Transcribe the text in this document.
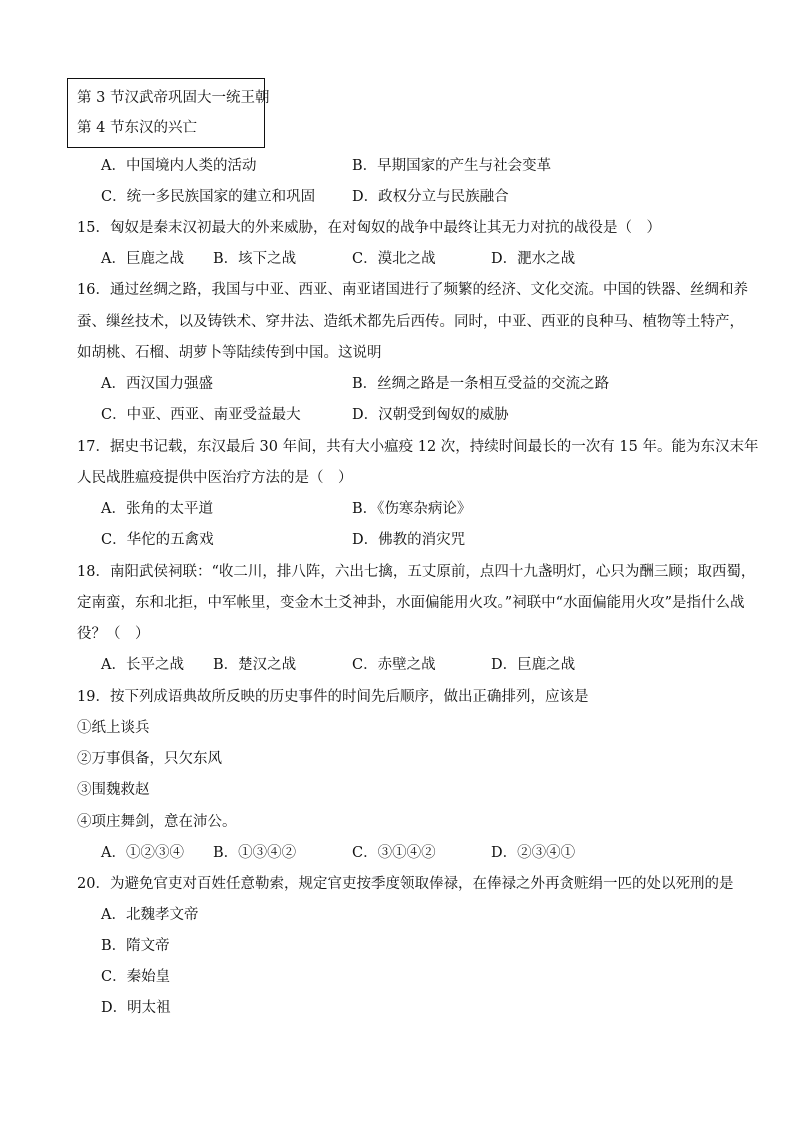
第 3 节汉武帝巩固大一统王朝
第 4 节东汉的兴亡
A．中国境内人类的活动	B．早期国家的产生与社会变革
C．统一多民族国家的建立和巩固	D．政权分立与民族融合
15．匈奴是秦末汉初最大的外来威胁，在对匈奴的战争中最终让其无力对抗的战役是（　）
A．巨鹿之战 B．垓下之战	C．漠北之战	D．淝水之战
16．通过丝绸之路，我国与中亚、西亚、南亚诸国进行了频繁的经济、文化交流。中国的铁器、丝绸和养
蚕、缫丝技术，以及铸铁术、穿井法、造纸术都先后西传。同时，中亚、西亚的良种马、植物等土特产，
如胡桃、石榴、胡萝卜等陆续传到中国。这说明
A．西汉国力强盛	B．丝绸之路是一条相互受益的交流之路
C．中亚、西亚、南亚受益最大	D．汉朝受到匈奴的威胁
17．据史书记载，东汉最后 30 年间，共有大小瘟疫 12 次，持续时间最长的一次有 15 年。能为东汉末年
人民战胜瘟疫提供中医治疗方法的是（　）
A．张角的太平道	B．《伤寒杂病论》
C．华佗的五禽戏	D．佛教的消灾咒
18．南阳武侯祠联：“收二川，排八阵，六出七擒，五丈原前，点四十九盏明灯，心只为酬三顾；取西蜀，
定南蛮，东和北拒，中军帐里，变金木土爻神卦，水面偏能用火攻。”祠联中“水面偏能用火攻”是指什么战
役？（　）
A．长平之战 B．楚汉之战	C．赤壁之战	D．巨鹿之战
19．按下列成语典故所反映的历史事件的时间先后顺序，做出正确排列，应该是
①纸上谈兵
②万事俱备，只欠东风
③围魏救赵
④项庄舞剑，意在沛公。
A．①②③④ B．①③④②	C．③①④②	D．②③④①
20．为避免官吏对百姓任意勒索，规定官吏按季度领取俸禄，在俸禄之外再贪赃绢一匹的处以死刑的是
A．北魏孝文帝
B．隋文帝
C．秦始皇
D．明太祖
